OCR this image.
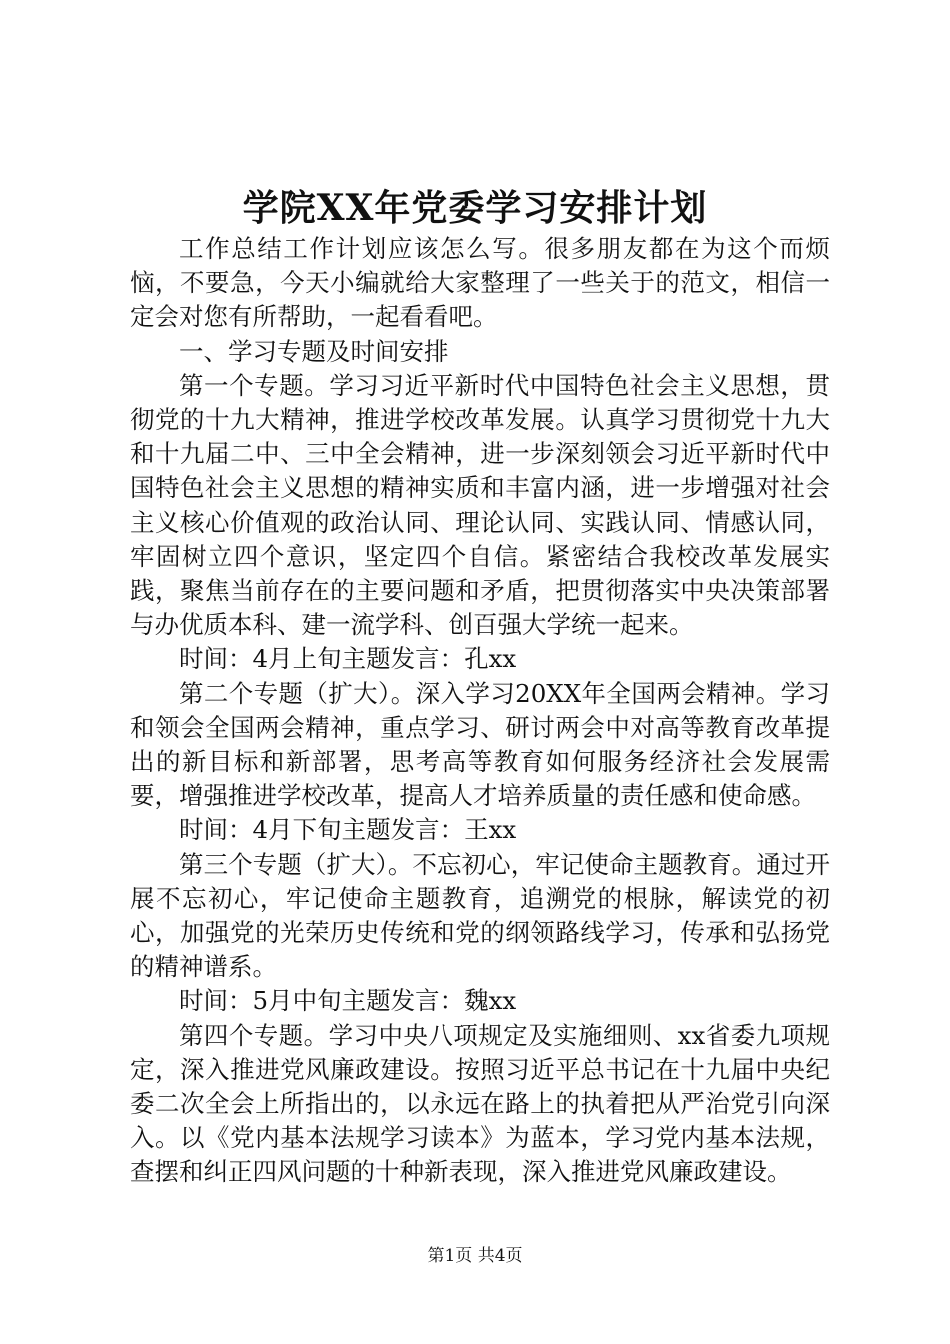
学院XX年党委学习安排计划

工作总结工作计划应该怎么写。很多朋友都在为这个而烦恼，不要急，今天小编就给大家整理了一些关于的范文，相信一定会对您有所帮助，一起看看吧。

一、学习专题及时间安排

第一个专题。学习习近平新时代中国特色社会主义思想，贯彻党的十九大精神，推进学校改革发展。认真学习贯彻党十九大和十九届二中、三中全会精神，进一步深刻领会习近平新时代中国特色社会主义思想的精神实质和丰富内涵，进一步增强对社会主义核心价值观的政治认同、理论认同、实践认同、情感认同，牢固树立四个意识，坚定四个自信。紧密结合我校改革发展实践，聚焦当前存在的主要问题和矛盾，把贯彻落实中央决策部署与办优质本科、建一流学科、创百强大学统一起来。

时间：4月上旬主题发言：孔xx

第二个专题（扩大）。深入学习20XX年全国两会精神。学习和领会全国两会精神，重点学习、研讨两会中对高等教育改革提出的新目标和新部署，思考高等教育如何服务经济社会发展需要，增强推进学校改革，提高人才培养质量的责任感和使命感。

时间：4月下旬主题发言：王xx

第三个专题（扩大）。不忘初心，牢记使命主题教育。通过开展不忘初心，牢记使命主题教育，追溯党的根脉，解读党的初心，加强党的光荣历史传统和党的纲领路线学习，传承和弘扬党的精神谱系。

时间：5月中旬主题发言：魏xx

第四个专题。学习中央八项规定及实施细则、xx省委九项规定，深入推进党风廉政建设。按照习近平总书记在十九届中央纪委二次全会上所指出的，以永远在路上的执着把从严治党引向深入。以《党内基本法规学习读本》为蓝本，学习党内基本法规，查摆和纠正四风问题的十种新表现，深入推进党风廉政建设。

第1页 共4页
